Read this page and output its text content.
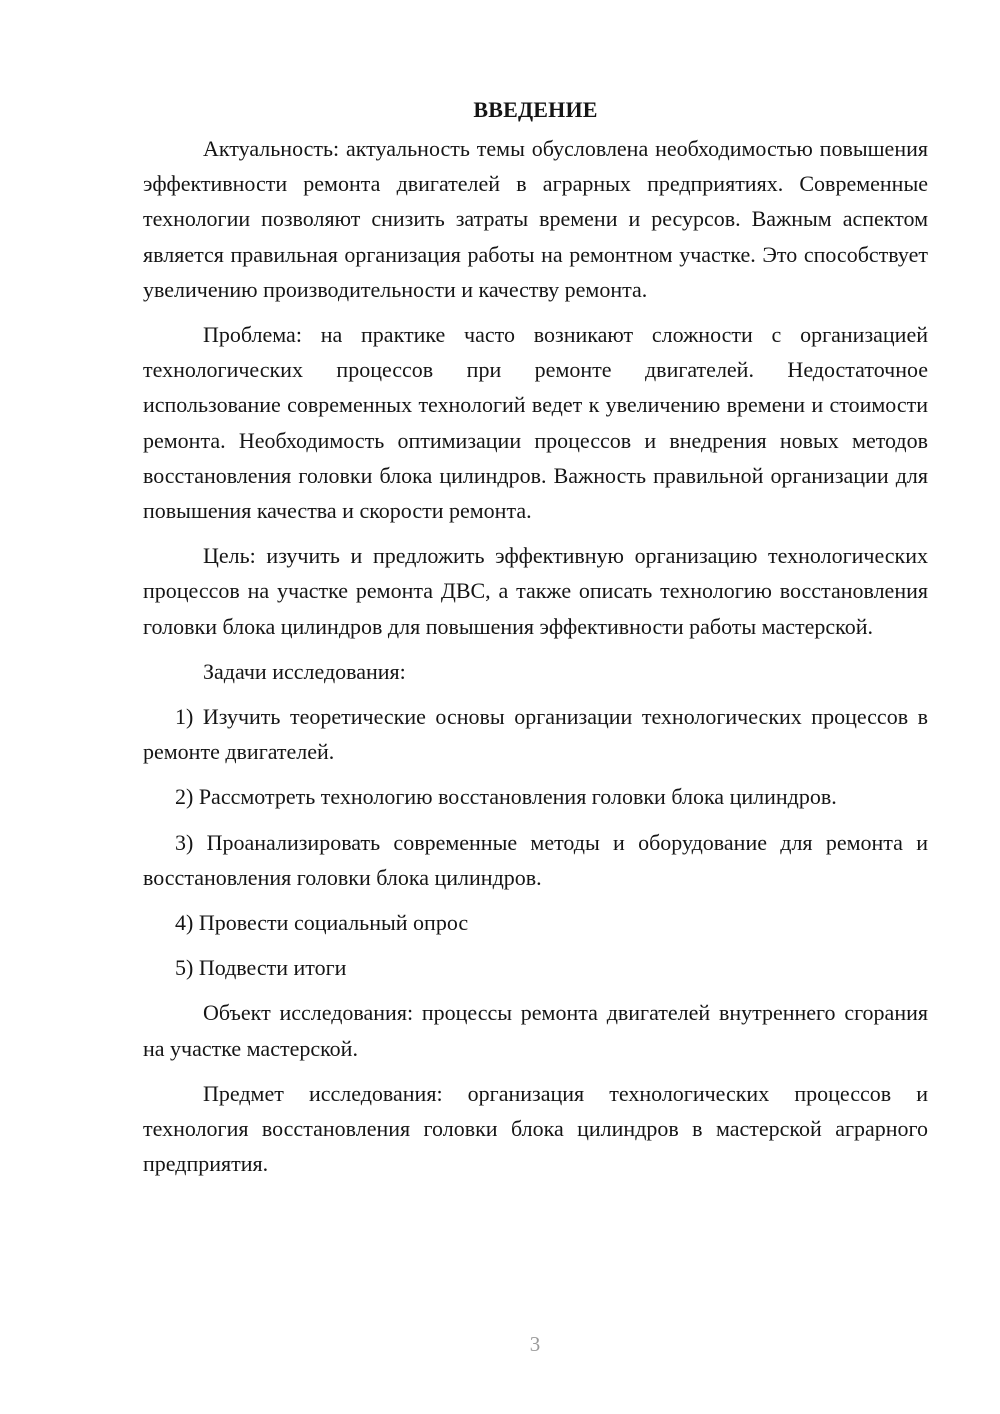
ВВЕДЕНИЕ

Актуальность: актуальность темы обусловлена необходимостью повышения эффективности ремонта двигателей в аграрных предприятиях. Современные технологии позволяют снизить затраты времени и ресурсов. Важным аспектом является правильная организация работы на ремонтном участке. Это способствует увеличению производительности и качеству ремонта.

Проблема: на практике часто возникают сложности с организацией технологических процессов при ремонте двигателей. Недостаточное использование современных технологий ведет к увеличению времени и стоимости ремонта. Необходимость оптимизации процессов и внедрения новых методов восстановления головки блока цилиндров. Важность правильной организации для повышения качества и скорости ремонта.

Цель: изучить и предложить эффективную организацию технологических процессов на участке ремонта ДВС, а также описать технологию восстановления головки блока цилиндров для повышения эффективности работы мастерской.

Задачи исследования:

1) Изучить теоретические основы организации технологических процессов в ремонте двигателей.

2) Рассмотреть технологию восстановления головки блока цилиндров.

3) Проанализировать современные методы и оборудование для ремонта и восстановления головки блока цилиндров.

4) Провести социальный опрос

5) Подвести итоги

Объект исследования: процессы ремонта двигателей внутреннего сгорания на участке мастерской.

Предмет исследования: организация технологических процессов и технология восстановления головки блока цилиндров в мастерской аграрного предприятия.

3
